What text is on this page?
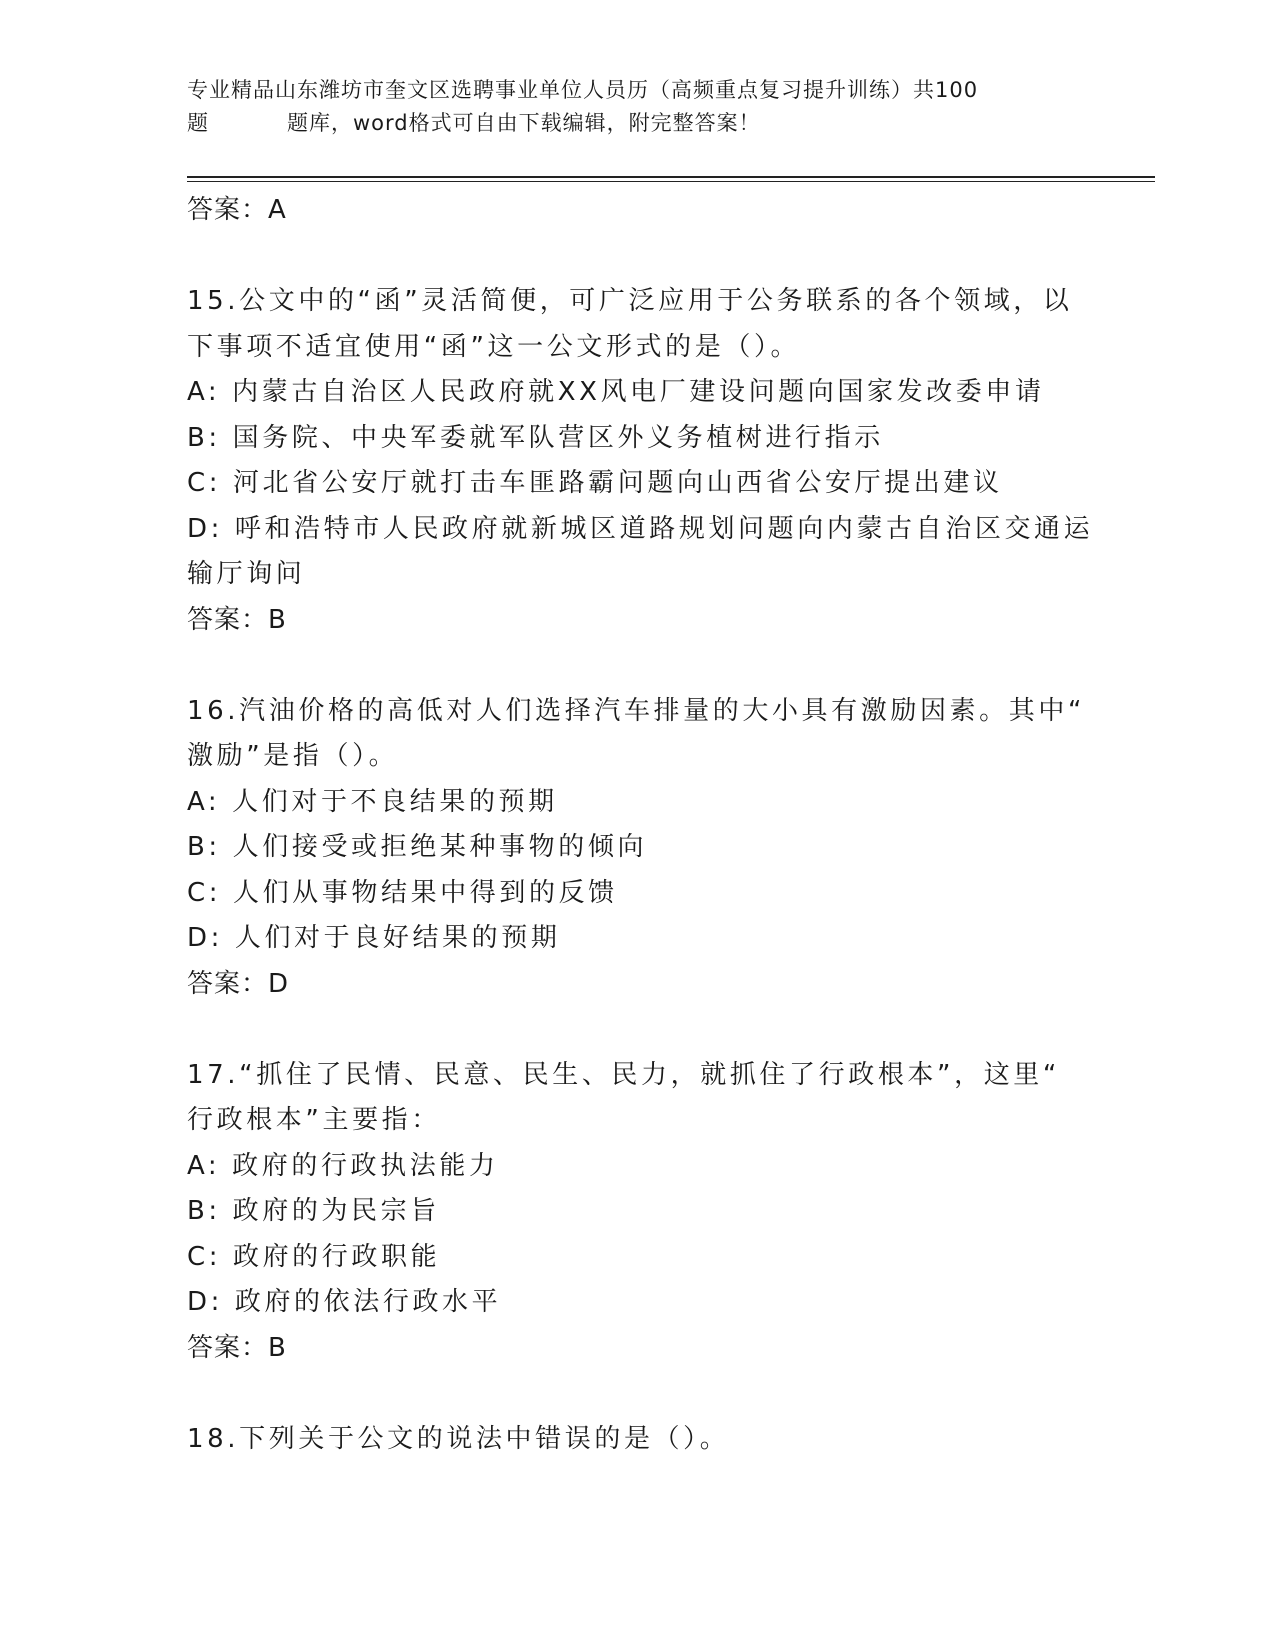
专业精品山东潍坊市奎文区选聘事业单位人员历（高频重点复习提升训练）共100
题	题库，word格式可自由下载编辑，附完整答案！
答案：A
15.公文中的“函”灵活简便，可广泛应用于公务联系的各个领域，以
下事项不适宜使用“函”这一公文形式的是（）。
A: 内蒙古自治区人民政府就XX风电厂建设问题向国家发改委申请
B: 国务院、中央军委就军队营区外义务植树进行指示
C: 河北省公安厅就打击车匪路霸问题向山西省公安厅提出建议
D: 呼和浩特市人民政府就新城区道路规划问题向内蒙古自治区交通运
输厅询问
答案：B
16.汽油价格的高低对人们选择汽车排量的大小具有激励因素。其中“
激励”是指（）。
A: 人们对于不良结果的预期
B: 人们接受或拒绝某种事物的倾向
C: 人们从事物结果中得到的反馈
D: 人们对于良好结果的预期
答案：D
17.“抓住了民情、民意、民生、民力，就抓住了行政根本”，这里“
行政根本”主要指：
A: 政府的行政执法能力
B: 政府的为民宗旨
C: 政府的行政职能
D: 政府的依法行政水平
答案：B
18.下列关于公文的说法中错误的是（）。
